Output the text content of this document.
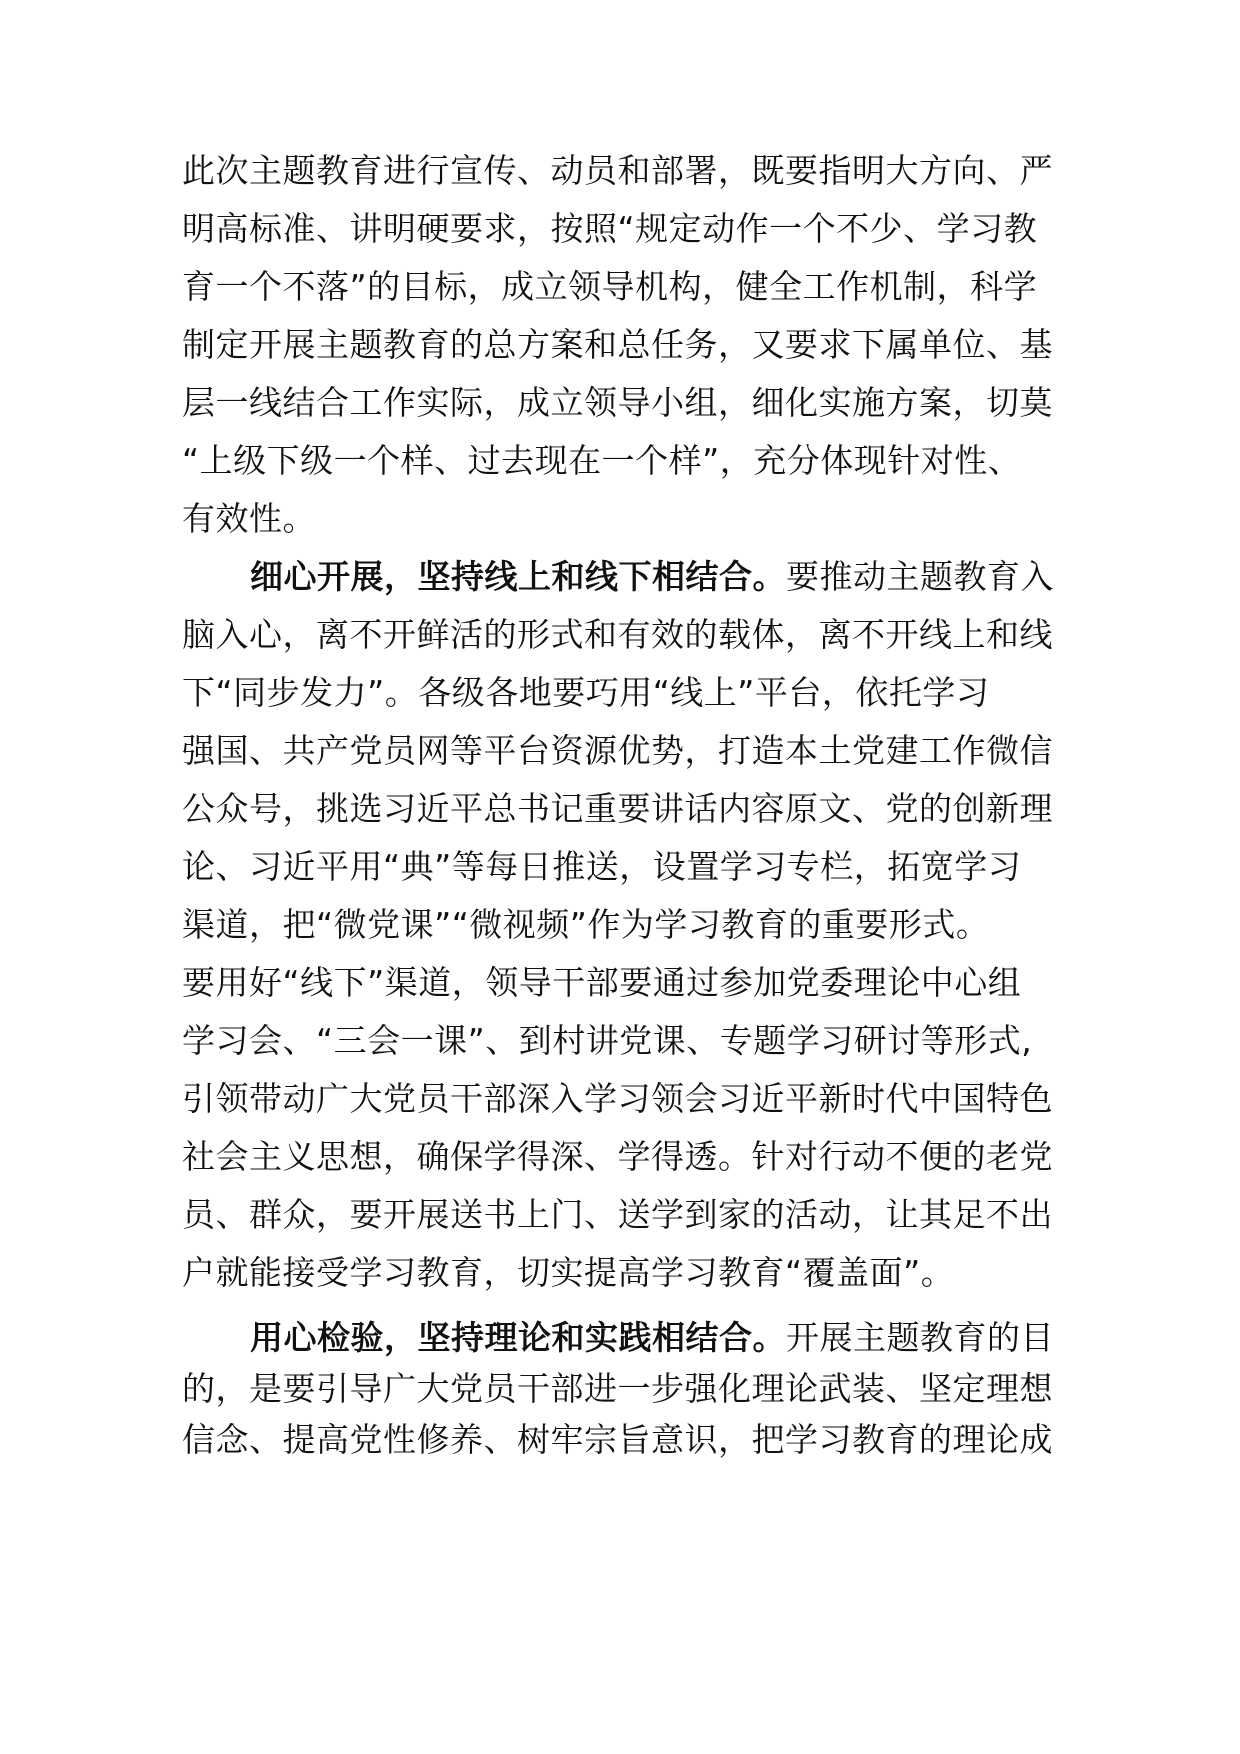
此次主题教育进行宣传、动员和部署，既要指明大方向、严
明高标准、讲明硬要求，按照“规定动作一个不少、学习教
育一个不落”的目标，成立领导机构，健全工作机制，科学
制定开展主题教育的总方案和总任务，又要求下属单位、基
层一线结合工作实际，成立领导小组，细化实施方案，切莫
“上级下级一个样、过去现在一个样”，充分体现针对性、
有效性。
细心开展，坚持线上和线下相结合。要推动主题教育入
脑入心，离不开鲜活的形式和有效的载体，离不开线上和线
下“同步发力”。各级各地要巧用“线上”平台，依托学习
强国、共产党员网等平台资源优势，打造本土党建工作微信
公众号，挑选习近平总书记重要讲话内容原文、党的创新理
论、习近平用“典”等每日推送，设置学习专栏，拓宽学习
渠道，把“微党课”“微视频”作为学习教育的重要形式。
要用好“线下”渠道，领导干部要通过参加党委理论中心组
学习会、“三会一课”、到村讲党课、专题学习研讨等形式,
引领带动广大党员干部深入学习领会习近平新时代中国特色
社会主义思想，确保学得深、学得透。针对行动不便的老党
员、群众，要开展送书上门、送学到家的活动，让其足不出
户就能接受学习教育，切实提高学习教育“覆盖面”。
用心检验，坚持理论和实践相结合。开展主题教育的目
的，是要引导广大党员干部进一步强化理论武装、坚定理想
信念、提高党性修养、树牢宗旨意识，把学习教育的理论成
